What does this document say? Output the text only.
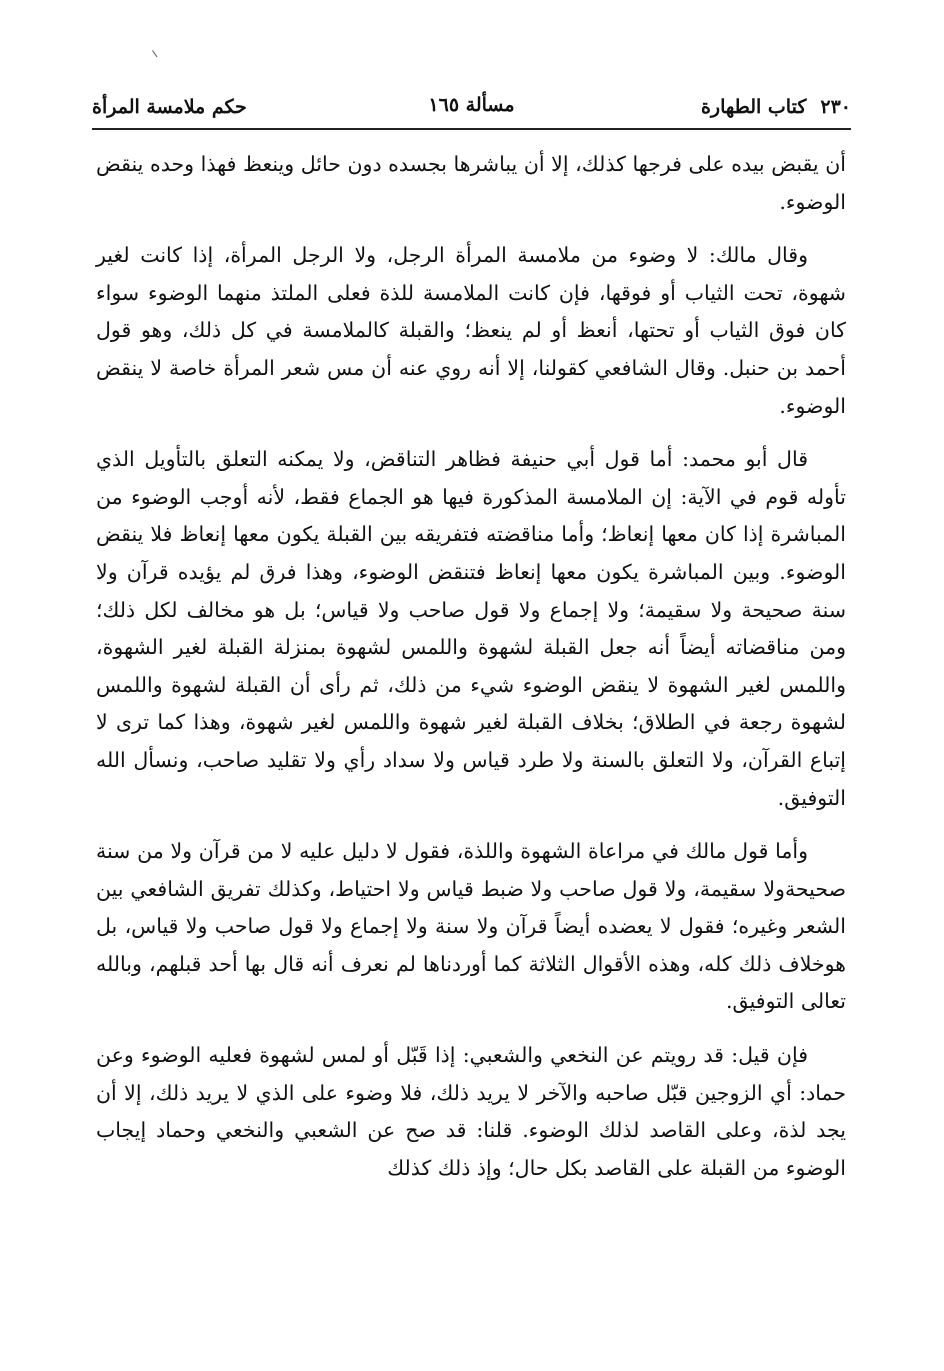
٢٣٠
كتاب الطهارة
مسألة ١٦٥
حكم ملامسة المرأة

أن يقبض بيده على فرجها كذلك، إلا أن يباشرها بجسده دون حائل وينعظ فهذا وحده ينقض الوضوء.

وقال مالك: لا وضوء من ملامسة المرأة الرجل، ولا الرجل المرأة، إذا كانت لغير شهوة، تحت الثياب أو فوقها، فإن كانت الملامسة للذة فعلى الملتذ منهما الوضوء سواء كان فوق الثياب أو تحتها، أنعظ أو لم ينعظ؛ والقبلة كالملامسة في كل ذلك، وهو قول أحمد بن حنبل. وقال الشافعي كقولنا، إلا أنه روي عنه أن مس شعر المرأة خاصة لا ينقض الوضوء.

قال أبو محمد: أما قول أبي حنيفة فظاهر التناقض، ولا يمكنه التعلق بالتأويل الذي تأوله قوم في الآية: إن الملامسة المذكورة فيها هو الجماع فقط، لأنه أوجب الوضوء من المباشرة إذا كان معها إنعاظ؛ وأما مناقضته فتفريقه بين القبلة يكون معها إنعاظ فلا ينقض الوضوء. وبين المباشرة يكون معها إنعاظ فتنقض الوضوء، وهذا فرق لم يؤيده قرآن ولا سنة صحيحة ولا سقيمة؛ ولا إجماع ولا قول صاحب ولا قياس؛ بل هو مخالف لكل ذلك؛ ومن مناقضاته أيضاً أنه جعل القبلة لشهوة واللمس لشهوة بمنزلة القبلة لغير الشهوة، واللمس لغير الشهوة لا ينقض الوضوء شيء من ذلك، ثم رأى أن القبلة لشهوة واللمس لشهوة رجعة في الطلاق؛ بخلاف القبلة لغير شهوة واللمس لغير شهوة، وهذا كما ترى لا إتباع القرآن، ولا التعلق بالسنة ولا طرد قياس ولا سداد رأي ولا تقليد صاحب، ونسأل الله التوفيق.

وأما قول مالك في مراعاة الشهوة واللذة، فقول لا دليل عليه لا من قرآن ولا من سنة صحيحةولا سقيمة، ولا قول صاحب ولا ضبط قياس ولا احتياط، وكذلك تفريق الشافعي بين الشعر وغيره؛ فقول لا يعضده أيضاً قرآن ولا سنة ولا إجماع ولا قول صاحب ولا قياس، بل هوخلاف ذلك كله، وهذه الأقوال الثلاثة كما أوردناها لم نعرف أنه قال بها أحد قبلهم، وبالله تعالى التوفيق.

فإن قيل: قد رويتم عن النخعي والشعبي: إذا قَبّل أو لمس لشهوة فعليه الوضوء وعن حماد: أي الزوجين قبّل صاحبه والآخر لا يريد ذلك، فلا وضوء على الذي لا يريد ذلك، إلا أن يجد لذة، وعلى القاصد لذلك الوضوء. قلنا: قد صح عن الشعبي والنخعي وحماد إيجاب الوضوء من القبلة على القاصد بكل حال؛ وإذ ذلك كذلك
